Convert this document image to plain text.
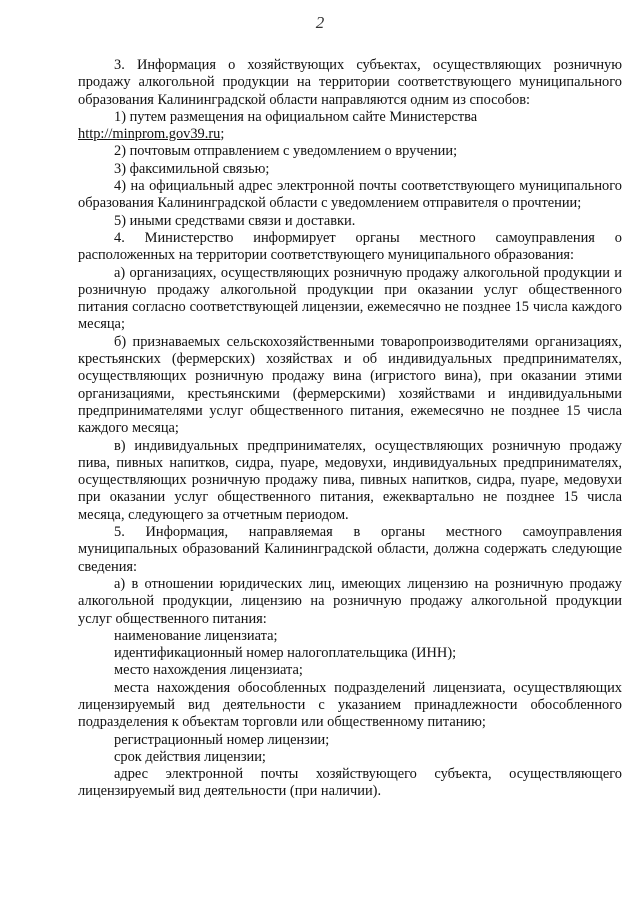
2

3. Информация о хозяйствующих субъектах, осуществляющих розничную продажу алкогольной продукции на территории соответствующего муниципального образования Калининградской области направляются одним из способов:

1) путем размещения на официальном сайте Министерства

http://minprom.gov39.ru;

2) почтовым отправлением с уведомлением о вручении;

3) факсимильной связью;

4) на официальный адрес электронной почты соответствующего муниципального образования Калининградской области с уведомлением отправителя о прочтении;

5) иными средствами связи и доставки.

4. Министерство информирует органы местного самоуправления о расположенных на территории соответствующего муниципального образования:

а) организациях, осуществляющих розничную продажу алкогольной продукции и розничную продажу алкогольной продукции при оказании услуг общественного питания согласно соответствующей лицензии, ежемесячно не позднее 15 числа каждого месяца;

б) признаваемых сельскохозяйственными товаропроизводителями организациях, крестьянских (фермерских) хозяйствах и об индивидуальных предпринимателях, осуществляющих розничную продажу вина (игристого вина), при оказании этими организациями, крестьянскими (фермерскими) хозяйствами и индивидуальными предпринимателями услуг общественного питания, ежемесячно не позднее 15 числа каждого месяца;

в) индивидуальных предпринимателях, осуществляющих розничную продажу пива, пивных напитков, сидра, пуаре, медовухи, индивидуальных предпринимателях, осуществляющих розничную продажу пива, пивных напитков, сидра, пуаре, медовухи при оказании услуг общественного питания, ежеквартально не позднее 15 числа месяца, следующего за отчетным периодом.

5. Информация, направляемая в органы местного самоуправления муниципальных образований Калининградской области, должна содержать следующие сведения:

а) в отношении юридических лиц, имеющих лицензию на розничную продажу алкогольной продукции, лицензию на розничную продажу алкогольной продукции услуг общественного питания:

наименование лицензиата;

идентификационный номер налогоплательщика (ИНН);

место нахождения лицензиата;

места нахождения обособленных подразделений лицензиата, осуществляющих лицензируемый вид деятельности с указанием принадлежности обособленного подразделения к объектам торговли или общественному питанию;

регистрационный номер лицензии;

срок действия лицензии;

адрес электронной почты хозяйствующего субъекта, осуществляющего лицензируемый вид деятельности (при наличии).
